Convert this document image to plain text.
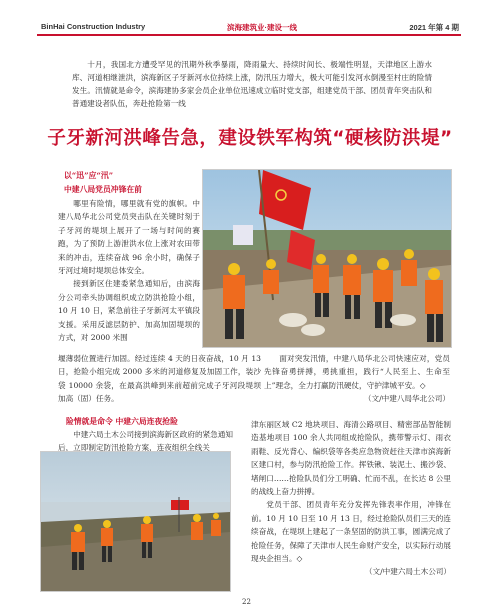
BinHai Construction Industry	滨海建筑业·建设一线	2021 年第 4 期

十月，我国北方遭受罕见的汛期外秋季暴雨，降雨量大、持续时间长、极端性明显，天津地区上游水库、河道相继泄洪，滨海新区子牙新河水位持续上涨，防汛压力增大，极大可能引发河水倒漫至村庄的险情发生。汛情就是命令，滨海建协多家会员企业单位迅速成立临时党支部，组建党员干部、团员青年突击队和普通建设者队伍，奔赴抢险第一线

子牙新河洪峰告急，建设铁军构筑“硬核防洪堤”
以“迅”应“汛”
中建八局党员冲锋在前

哪里有险情，哪里就有党的旗帜。中建八局华北公司党员突击队在关键时刻于子牙河的堤坝上展开了一场与时间的赛跑，为了预防上游泄洪水位上涨对农田带来的冲击，连续奋战 96 余小时，确保子牙河过境时堤坝总体安全。

接到新区住建委紧急通知后，由滨海分公司牵头协调组织成立防洪抢险小组，10 月 10 日，紧急前往子牙新河太平镇段支援。采用反滤层防护、加高加固堤坝的方式，对 2000 米围

堰薄弱位置进行加固。经过连续 4 天的日夜奋战，10 月 13 日，抢险小组完成 2000 多米的河道修复及加固工作，装沙袋 10000 余袋，在最高洪峰到来前超前完成子牙河段堤坝加高（固）任务。

面对突发汛情，中建八局华北公司快速应对，党员先锋奋勇拼搏，勇挑重担，践行“人民至上、生命至上”理念，全力打赢防汛硬仗，守护津城平安。◇

（文/中建八局华北公司）
险情就是命令 中建六局连夜抢险

中建六局土木公司接到滨海新区政府的紧急通知后，立即制定防汛抢险方案，连夜组织全线关

津东丽区域 C2 地块项目、海清公路项目、精密部品智能制造基地项目 100 余人共同组成抢险队，携带警示灯、雨衣雨鞋、反光背心、编织袋等各类应急物资赶往天津市滨海新区建口村，参与防汛抢险工作。挥铁锹、装泥土、搬沙袋、堵闸口……抢险队员们分工明确、忙而不乱，在长达 8 公里的战线上奋力拼搏。

党员干部、团员青年充分发挥先锋表率作用，冲锋在前。10 月 10 日至 10 月 13 日，经过抢险队员们三天的连续奋战，在堤坝上建起了一条坚固的防洪工事，圆满完成了抢险任务，保障了天津市人民生命财产安全，以实际行动展现央企担当。◇

（文/中建六局土木公司）
22
